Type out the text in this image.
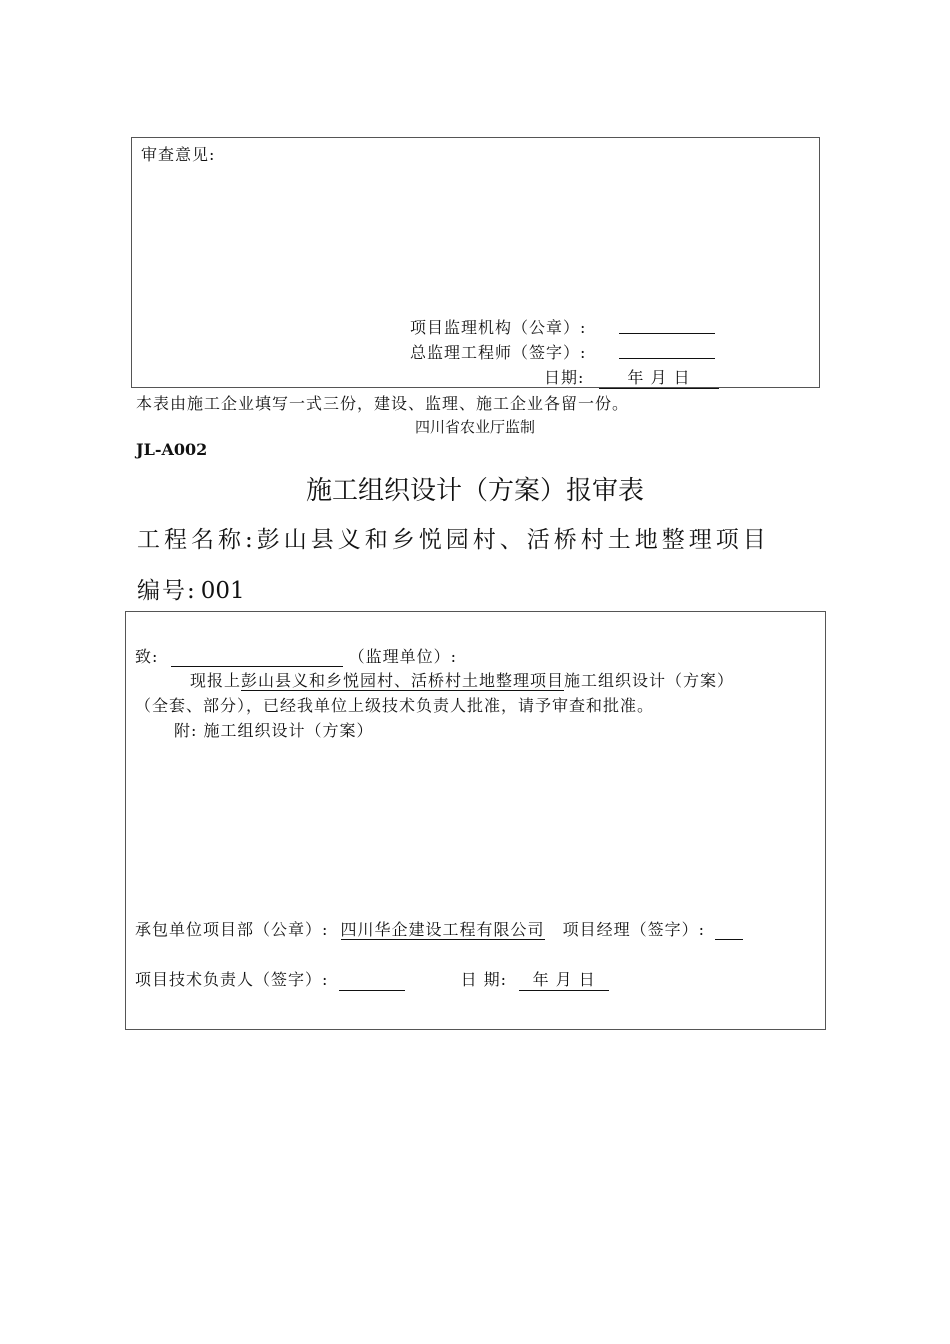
审查意见:
项目监理机构（公章）:
总监理工程师（签字）:
日期:	年 月 日
本表由施工企业填写一式三份，建设、监理、施工企业各留一份。
四川省农业厅监制
JL-A002
施工组织设计（方案）报审表
工程名称:彭山县义和乡悦园村、活桥村土地整理项目
编号: 001
致:	（监理单位）:
现报上彭山县义和乡悦园村、活桥村土地整理项目施工组织设计（方案）
（全套、部分），已经我单位上级技术负责人批准，请予审查和批准。
附: 施工组织设计（方案）
承包单位项目部（公章）: 四川华企建设工程有限公司 项目经理（签字）:
项目技术负责人（签字）:	日 期: 年 月 日
